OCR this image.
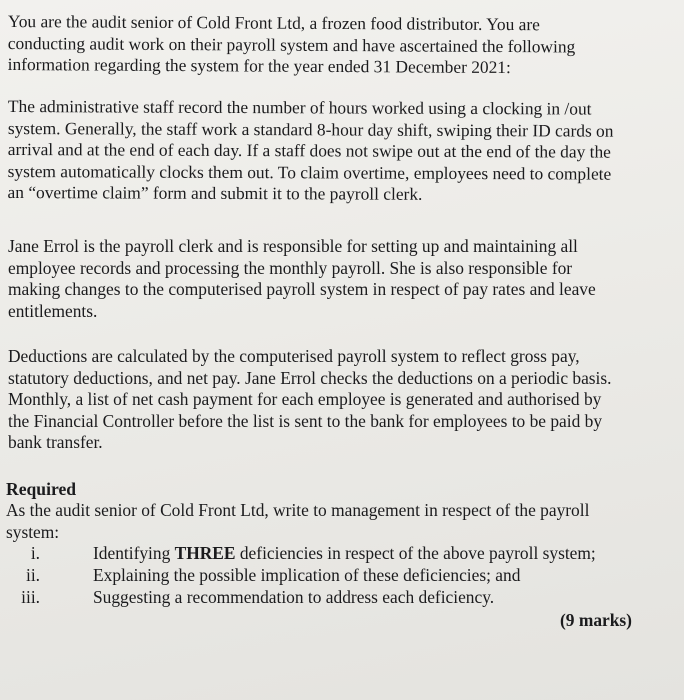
You are the audit senior of Cold Front Ltd, a frozen food distributor. You are
conducting audit work on their payroll system and have ascertained the following
information regarding the system for the year ended 31 December 2021:

The administrative staff record the number of hours worked using a clocking in /out
system. Generally, the staff work a standard 8-hour day shift, swiping their ID cards on
arrival and at the end of each day. If a staff does not swipe out at the end of the day the
system automatically clocks them out. To claim overtime, employees need to complete
an “overtime claim” form and submit it to the payroll clerk.

Jane Errol is the payroll clerk and is responsible for setting up and maintaining all
employee records and processing the monthly payroll. She is also responsible for
making changes to the computerised payroll system in respect of pay rates and leave
entitlements.

Deductions are calculated by the computerised payroll system to reflect gross pay,
statutory deductions, and net pay. Jane Errol checks the deductions on a periodic basis.
Monthly, a list of net cash payment for each employee is generated and authorised by
the Financial Controller before the list is sent to the bank for employees to be paid by
bank transfer.

Required

As the audit senior of Cold Front Ltd, write to management in respect of the payroll
system:

i.	Identifying THREE deficiencies in respect of the above payroll system;
ii.	Explaining the possible implication of these deficiencies; and
iii.	Suggesting a recommendation to address each deficiency.

(9 marks)
